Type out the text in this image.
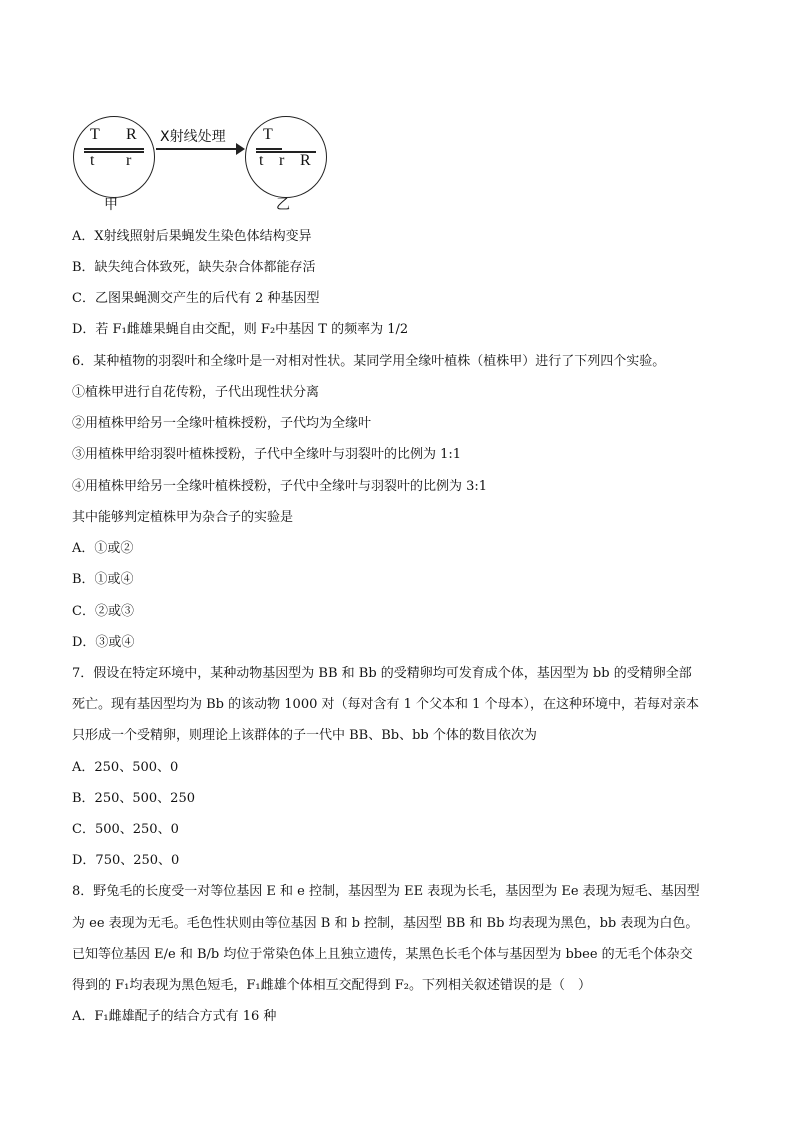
T R
t r
甲
X射线处理 T
t r R
乙
A．X射线照射后果蝇发生染色体结构变异
B．缺失纯合体致死，缺失杂合体都能存活
C．乙图果蝇测交产生的后代有 2 种基因型
D．若 F₁雌雄果蝇自由交配，则 F₂中基因 T 的频率为 1/2
6．某种植物的羽裂叶和全缘叶是一对相对性状。某同学用全缘叶植株（植株甲）进行了下列四个实验。
①植株甲进行自花传粉，子代出现性状分离
②用植株甲给另一全缘叶植株授粉，子代均为全缘叶
③用植株甲给羽裂叶植株授粉，子代中全缘叶与羽裂叶的比例为 1:1
④用植株甲给另一全缘叶植株授粉，子代中全缘叶与羽裂叶的比例为 3:1
其中能够判定植株甲为杂合子的实验是
A．①或②
B．①或④
C．②或③
D．③或④
7．假设在特定环境中，某种动物基因型为 BB 和 Bb 的受精卵均可发育成个体，基因型为 bb 的受精卵全部
死亡。现有基因型均为 Bb 的该动物 1000 对（每对含有 1 个父本和 1 个母本），在这种环境中，若每对亲本
只形成一个受精卵，则理论上该群体的子一代中 BB、Bb、bb 个体的数目依次为
A．250、500、0
B．250、500、250
C．500、250、0
D．750、250、0
8．野兔毛的长度受一对等位基因 E 和 e 控制，基因型为 EE 表现为长毛，基因型为 Ee 表现为短毛、基因型
为 ee 表现为无毛。毛色性状则由等位基因 B 和 b 控制，基因型 BB 和 Bb 均表现为黑色，bb 表现为白色。
已知等位基因 E/e 和 B/b 均位于常染色体上且独立遗传，某黑色长毛个体与基因型为 bbee 的无毛个体杂交
得到的 F₁均表现为黑色短毛，F₁雌雄个体相互交配得到 F₂。下列相关叙述错误的是（　）
A．F₁雌雄配子的结合方式有 16 种
